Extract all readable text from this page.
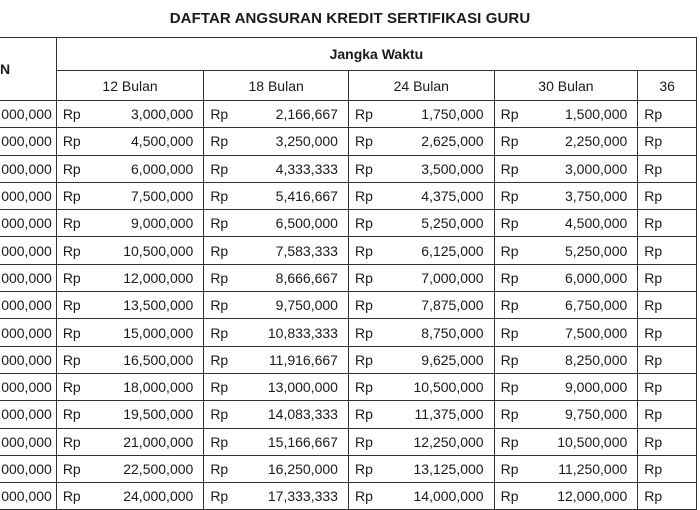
DAFTAR ANGSURAN KREDIT SERTIFIKASI GURU
N	Jangka Waktu									
	12 Bulan		18 Bulan		24 Bulan		30 Bulan		36	
000,000	Rp	3,000,000	Rp	2,166,667	Rp	1,750,000	Rp	1,500,000	Rp	
000,000	Rp	4,500,000	Rp	3,250,000	Rp	2,625,000	Rp	2,250,000	Rp	
000,000	Rp	6,000,000	Rp	4,333,333	Rp	3,500,000	Rp	3,000,000	Rp	
000,000	Rp	7,500,000	Rp	5,416,667	Rp	4,375,000	Rp	3,750,000	Rp	
000,000	Rp	9,000,000	Rp	6,500,000	Rp	5,250,000	Rp	4,500,000	Rp	
000,000	Rp	10,500,000	Rp	7,583,333	Rp	6,125,000	Rp	5,250,000	Rp	
000,000	Rp	12,000,000	Rp	8,666,667	Rp	7,000,000	Rp	6,000,000	Rp	
000,000	Rp	13,500,000	Rp	9,750,000	Rp	7,875,000	Rp	6,750,000	Rp	
000,000	Rp	15,000,000	Rp	10,833,333	Rp	8,750,000	Rp	7,500,000	Rp	
000,000	Rp	16,500,000	Rp	11,916,667	Rp	9,625,000	Rp	8,250,000	Rp	
000,000	Rp	18,000,000	Rp	13,000,000	Rp	10,500,000	Rp	9,000,000	Rp	
000,000	Rp	19,500,000	Rp	14,083,333	Rp	11,375,000	Rp	9,750,000	Rp	
000,000	Rp	21,000,000	Rp	15,166,667	Rp	12,250,000	Rp	10,500,000	Rp	
000,000	Rp	22,500,000	Rp	16,250,000	Rp	13,125,000	Rp	11,250,000	Rp	
000,000	Rp	24,000,000	Rp	17,333,333	Rp	14,000,000	Rp	12,000,000	Rp	
